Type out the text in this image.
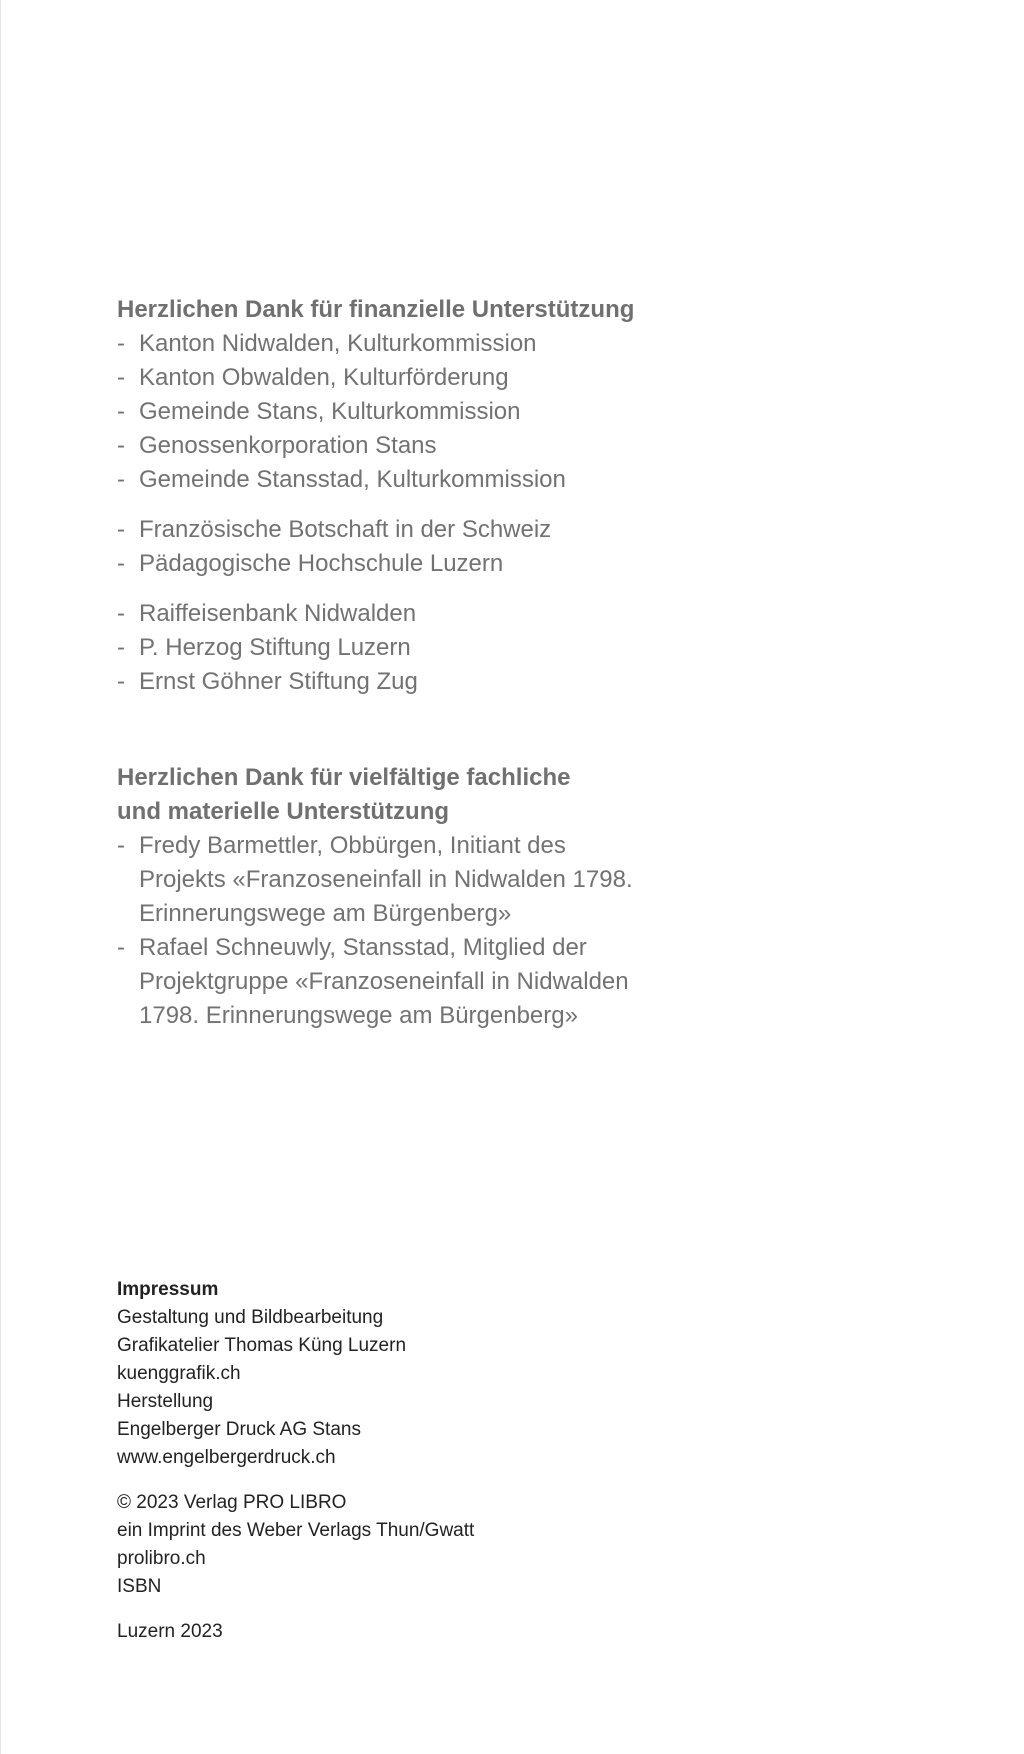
Herzlichen Dank für finanzielle Unterstützung
- Kanton Nidwalden, Kulturkommission
- Kanton Obwalden, Kulturförderung
- Gemeinde Stans, Kulturkommission
- Genossenkorporation Stans
- Gemeinde Stansstad, Kulturkommission
- Französische Botschaft in der Schweiz
- Pädagogische Hochschule Luzern
- Raiffeisenbank Nidwalden
- P. Herzog Stiftung Luzern
- Ernst Göhner Stiftung Zug
Herzlichen Dank für vielfältige fachliche
und materielle Unterstützung
- Fredy Barmettler, Obbürgen, Initiant des
Projekts «Franzoseneinfall in Nidwalden 1798.
Erinnerungswege am Bürgenberg»
- Rafael Schneuwly, Stansstad, Mitglied der
Projektgruppe «Franzoseneinfall in Nidwalden
1798. Erinnerungswege am Bürgenberg»
Impressum
Gestaltung und Bildbearbeitung
Grafikatelier Thomas Küng Luzern
kuenggrafik.ch
Herstellung
Engelberger Druck AG Stans
www.engelbergerdruck.ch
© 2023 Verlag PRO LIBRO
ein Imprint des Weber Verlags Thun/Gwatt
prolibro.ch
ISBN
Luzern 2023
